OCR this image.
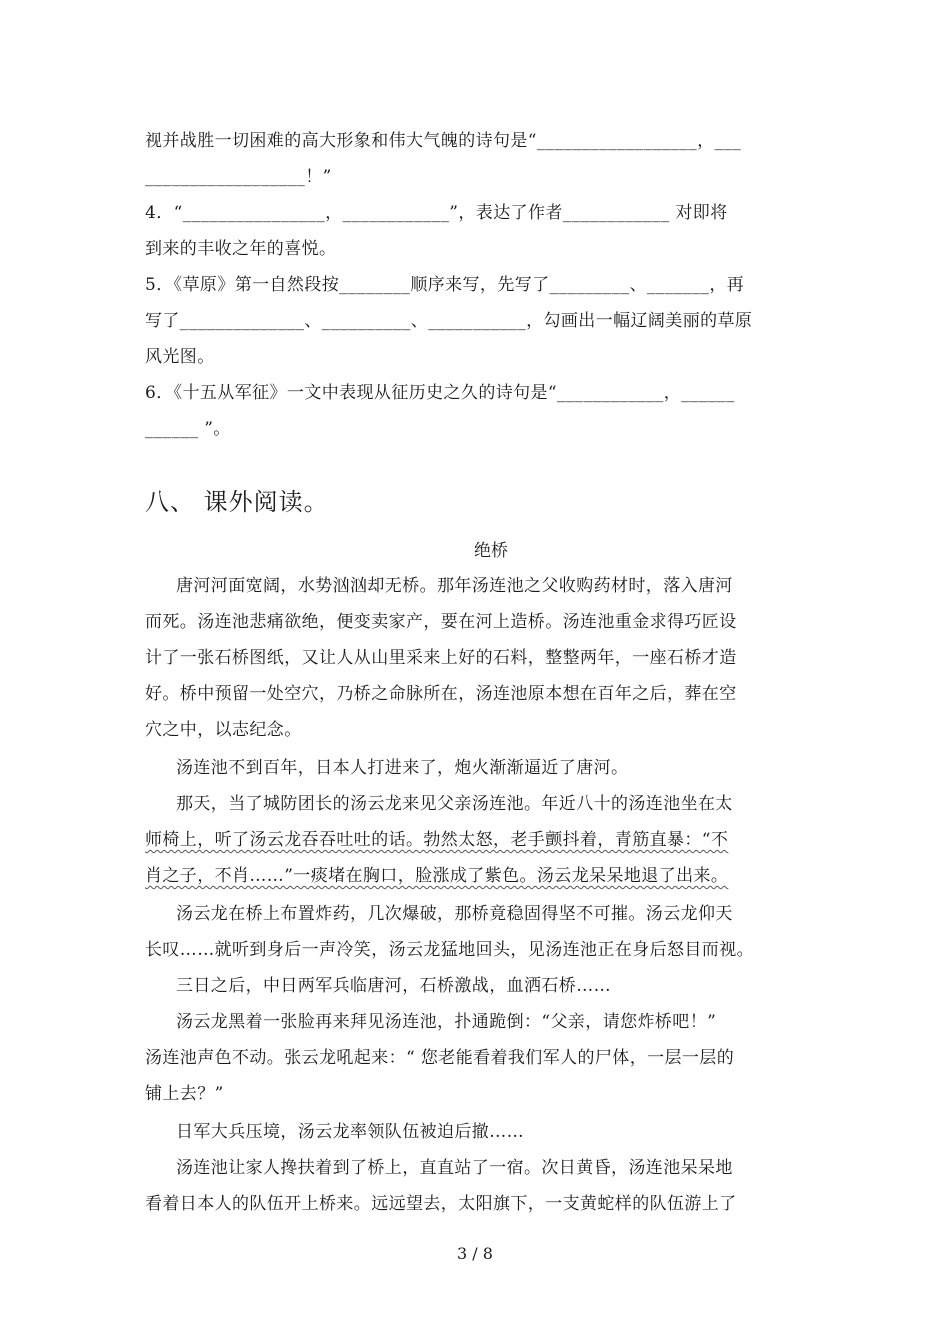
视并战胜一切困难的高大形象和伟大气魄的诗句是“__________________，___
__________________！”
4．“________________，____________”，表达了作者____________ 对即将
到来的丰收之年的喜悦。
5．《草原》第一自然段按________顺序来写，先写了_________、_______，再
写了______________、__________、___________，勾画出一幅辽阔美丽的草原
风光图。
6．《十五从军征》一文中表现从征历史之久的诗句是“____________，______
______ ”。
八、 课外阅读。
绝桥
唐河河面宽阔，水势汹汹却无桥。那年汤连池之父收购药材时，落入唐河
而死。汤连池悲痛欲绝，便变卖家产，要在河上造桥。汤连池重金求得巧匠设
计了一张石桥图纸，又让人从山里采来上好的石料，整整两年，一座石桥才造
好。桥中预留一处空穴，乃桥之命脉所在，汤连池原本想在百年之后，葬在空
穴之中，以志纪念。
汤连池不到百年，日本人打进来了，炮火渐渐逼近了唐河。
那天，当了城防团长的汤云龙来见父亲汤连池。年近八十的汤连池坐在太
师椅上，听了汤云龙吞吞吐吐的话。勃然太怒，老手颤抖着，青筋直暴：“不
肖之子，不肖……”一痰堵在胸口，脸涨成了紫色。汤云龙呆呆地退了出来。
汤云龙在桥上布置炸药，几次爆破，那桥竟稳固得坚不可摧。汤云龙仰天
长叹……就听到身后一声冷笑，汤云龙猛地回头，见汤连池正在身后怒目而视。
三日之后，中日两军兵临唐河，石桥激战，血洒石桥……
汤云龙黑着一张脸再来拜见汤连池，扑通跪倒：“父亲，请您炸桥吧！”
汤连池声色不动。张云龙吼起来：“ 您老能看着我们军人的尸体，一层一层的
铺上去？”
日军大兵压境，汤云龙率领队伍被迫后撤……
汤连池让家人搀扶着到了桥上，直直站了一宿。次日黄昏，汤连池呆呆地
看着日本人的队伍开上桥来。远远望去，太阳旗下，一支黄蛇样的队伍游上了
3 / 8
